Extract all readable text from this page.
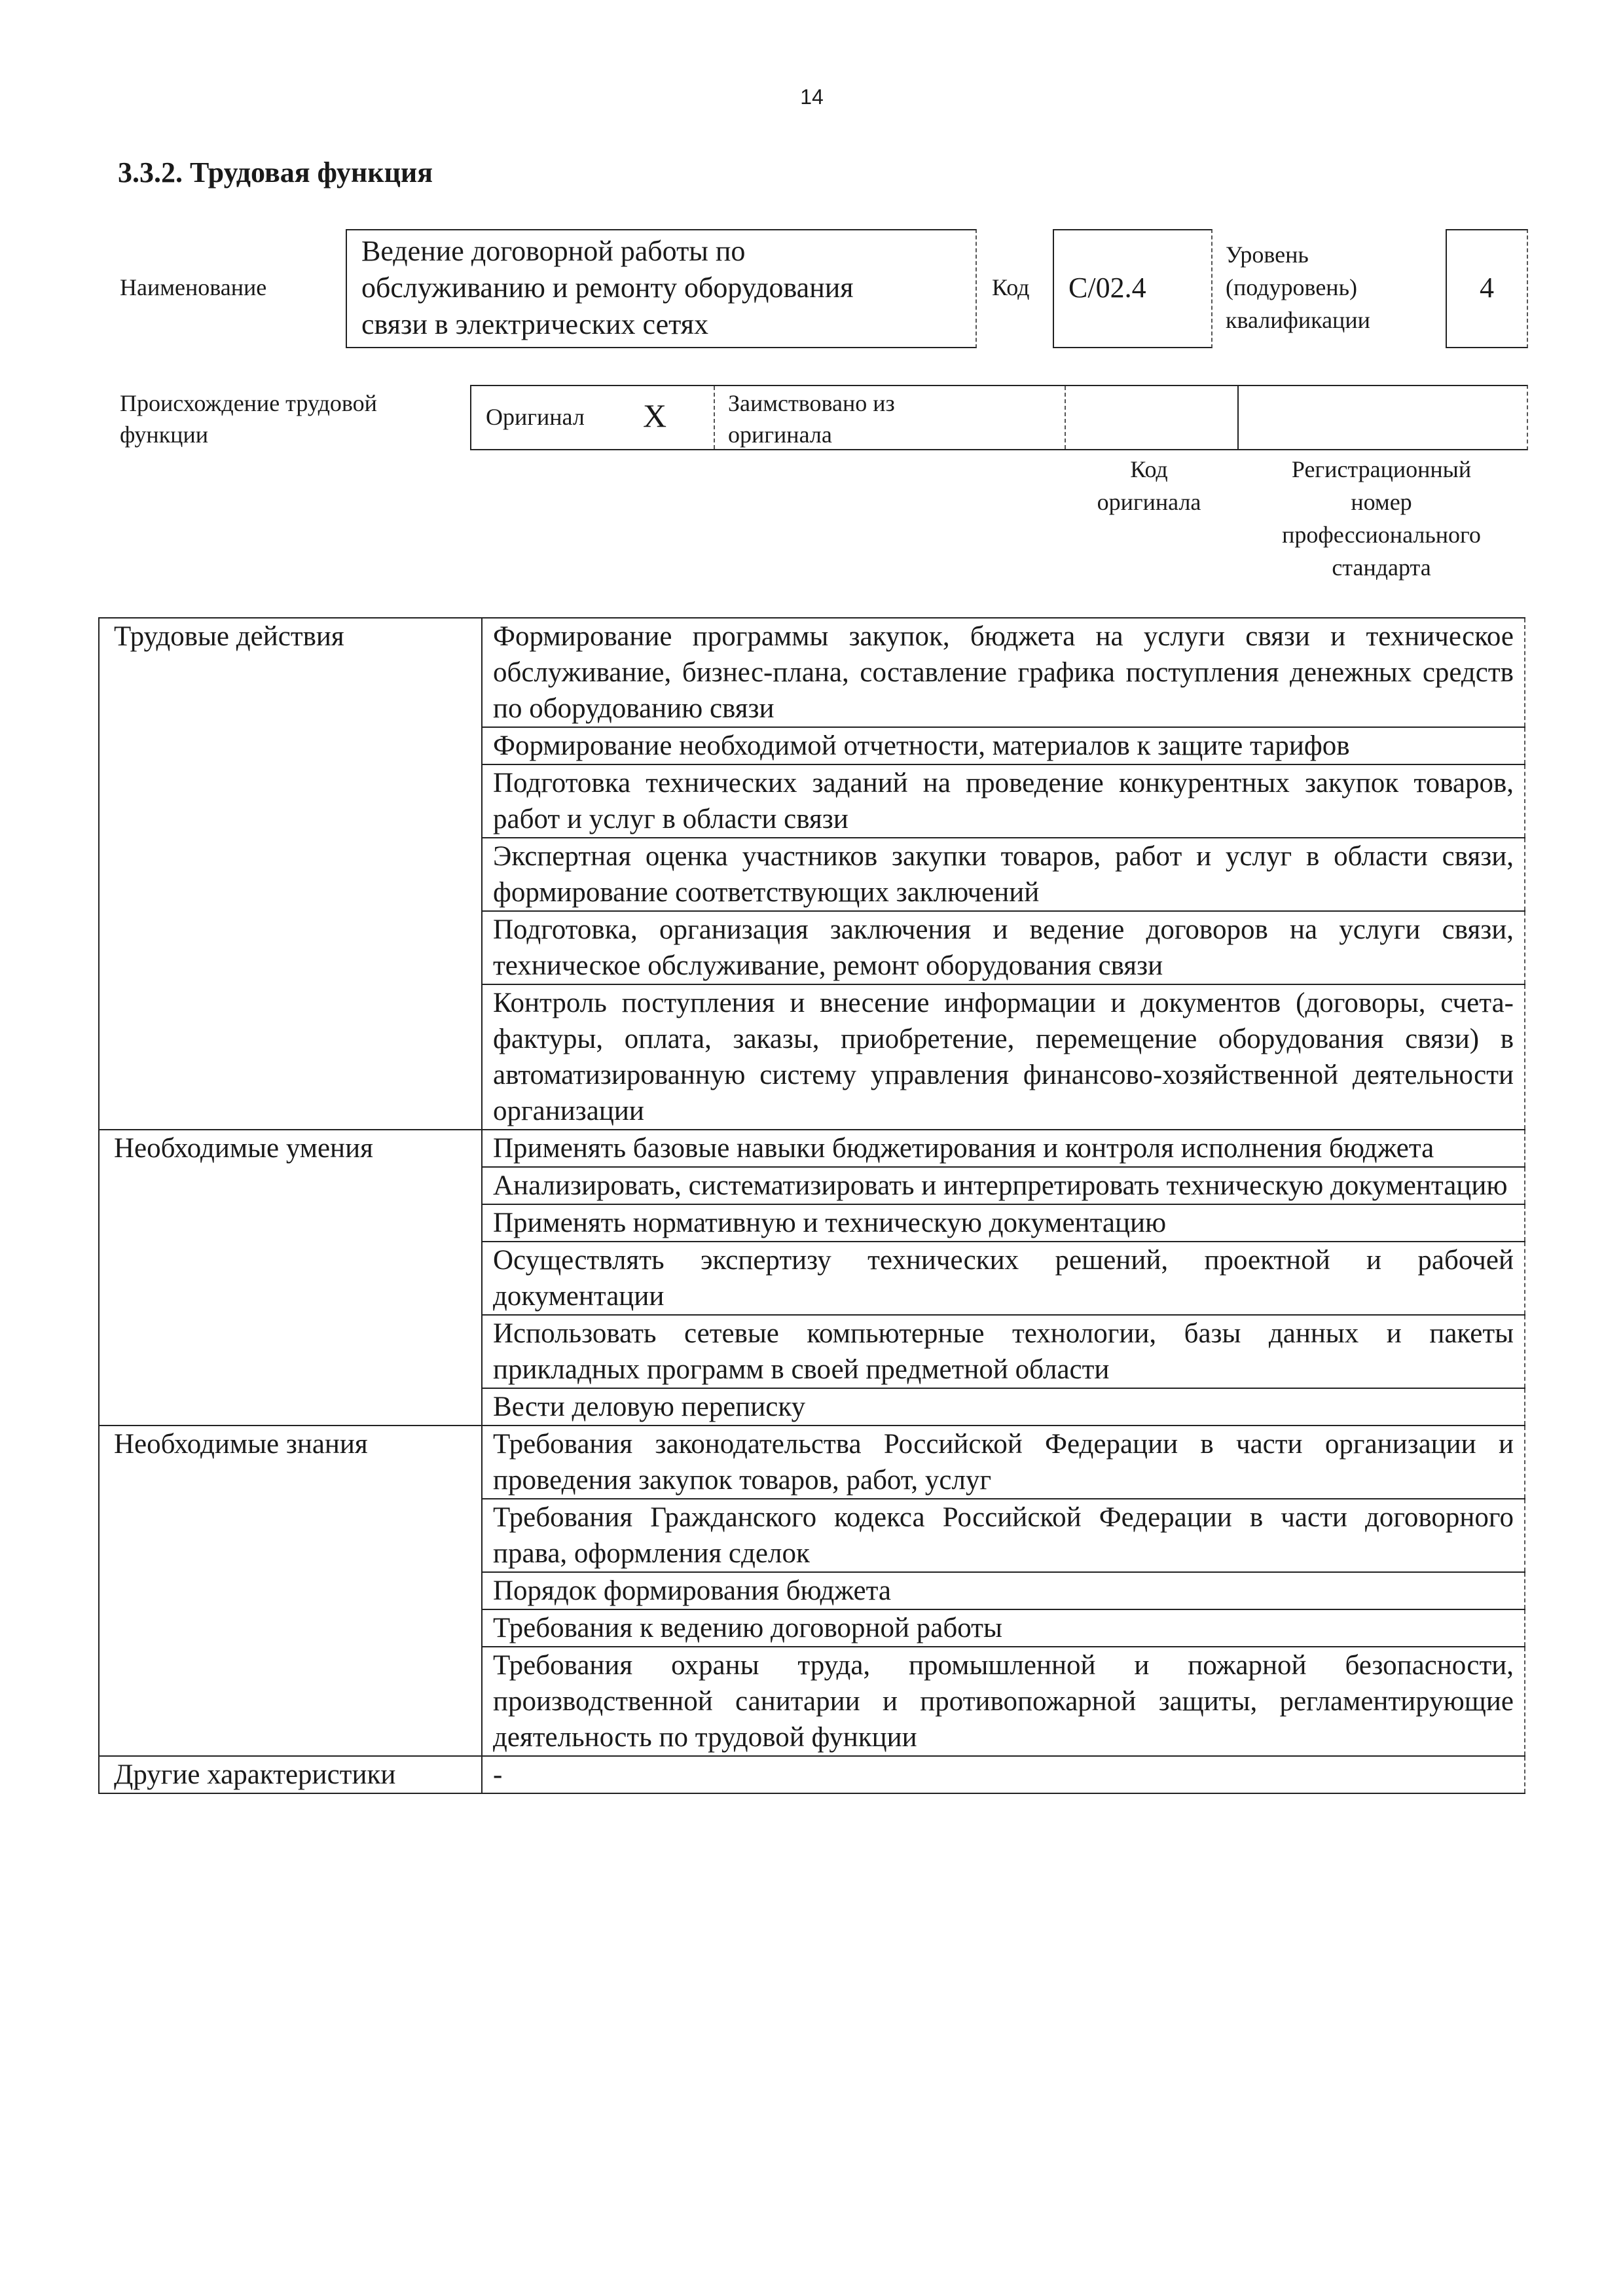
14
3.3.2. Трудовая функция
Наименование
Ведение договорной работы по
обслуживанию и ремонту оборудования
связи в электрических сетях
Код	C/02.4
Уровень
(подуровень)
квалификации
4
Происхождение трудовой
функции
Оригинал X	Заимствовано из
оригинала
Код
оригинала
Регистрационный
номер
профессионального
стандарта
Трудовые действия	Формирование программы закупок, бюджета на услуги связи и техническое обслуживание, бизнес-плана, составление графика поступления денежных средств по оборудованию связи
	Формирование необходимой отчетности, материалов к защите тарифов
	Подготовка технических заданий на проведение конкурентных закупок товаров, работ и услуг в области связи
	Экспертная оценка участников закупки товаров, работ и услуг в области связи, формирование соответствующих заключений
	Подготовка, организация заключения и ведение договоров на услуги связи, техническое обслуживание, ремонт оборудования связи
	Контроль поступления и внесение информации и документов (договоры, счета-фактуры, оплата, заказы, приобретение, перемещение оборудования связи) в автоматизированную систему управления финансово-хозяйственной деятельности организации
Необходимые умения	Применять базовые навыки бюджетирования и контроля исполнения бюджета
	Анализировать, систематизировать и интерпретировать техническую документацию
	Применять нормативную и техническую документацию
	Осуществлять экспертизу технических решений, проектной и рабочей документации
	Использовать сетевые компьютерные технологии, базы данных и пакеты прикладных программ в своей предметной области
	Вести деловую переписку
Необходимые знания	Требования законодательства Российской Федерации в части организации и проведения закупок товаров, работ, услуг
	Требования Гражданского кодекса Российской Федерации в части договорного права, оформления сделок
	Порядок формирования бюджета
	Требования к ведению договорной работы
	Требования охраны труда, промышленной и пожарной безопасности, производственной санитарии и противопожарной защиты, регламентирующие деятельность по трудовой функции
Другие характеристики	-
